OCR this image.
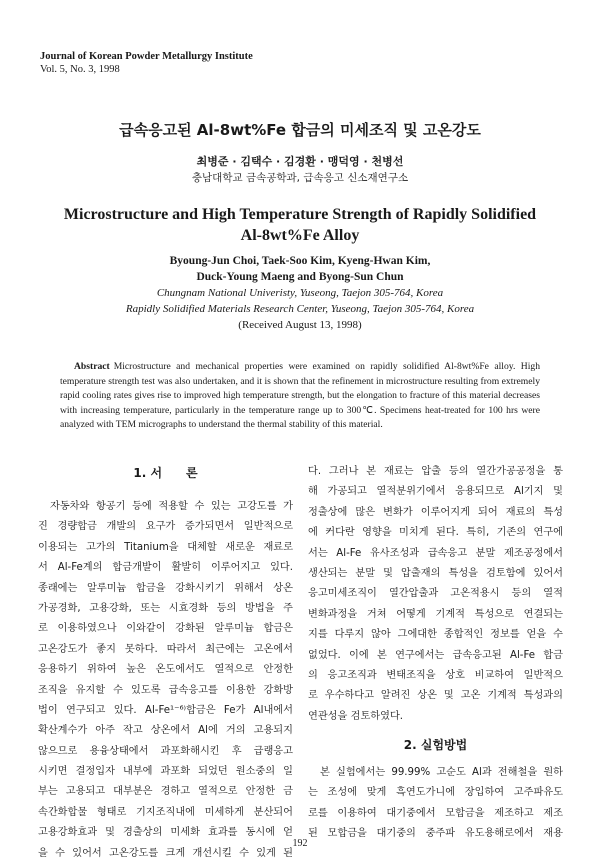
Journal of Korean Powder Metallurgy Institute
Vol. 5, No. 3, 1998
급속응고된 Al-8wt%Fe 합금의 미세조직 및 고온강도
최병준 · 김택수 · 김경환 · 맹덕영 · 천병선
충남대학교 금속공학과, 급속응고 신소재연구소
Microstructure and High Temperature Strength of Rapidly Solidified
Al-8wt%Fe Alloy
Byoung-Jun Choi, Taek-Soo Kim, Kyeng-Hwan Kim,
Duck-Young Maeng and Byong-Sun Chun
Chungnam National Univeristy, Yuseong, Taejon 305-764, Korea
Rapidly Solidified Materials Research Center, Yuseong, Taejon 305-764, Korea
(Received August 13, 1998)
Abstract Microstructure and mechanical properties were examined on rapidly solidified Al-8wt%Fe alloy. High temperature strength test was also undertaken, and it is shown that the refinement in microstructure resulting from extremely rapid cooling rates gives rise to improved high temperature strength, but the elongation to fracture of this material decreases with increasing temperature, particularly in the temperature range up to 300℃. Specimens heat-treated for 100 hrs were analyzed with TEM micrographs to understand the thermal stability of this material.
1. 서　　론
자동차와 항공기 등에 적용할 수 있는 고강도를 가
진 경량합금 개발의 요구가 증가되면서 일반적으로
이용되는 고가의 Titanium을 대체할 새로운 재료로
서 Al-Fe계의 합금개발이 활발히 이루어지고 있다.
종래에는 알루미늄 합금을 강화시키기 위해서 상온
가공경화, 고용강화, 또는 시효경화 등의 방법을 주
로 이용하였으나 이와같이 강화된 알루미늄 합금은
고온강도가 좋지 못하다. 따라서 최근에는 고온에서
응용하기 위하여 높은 온도에서도 열적으로 안정한
조직을 유지할 수 있도록 급속응고를 이용한 강화방
법이 연구되고 있다. Al-Fe¹⁻⁶⁾합금은 Fe가 Al내에서
확산계수가 아주 작고 상온에서 Al에 거의 고용되지
않으므로 용융상태에서 과포화해시킨 후 급랭응고
시키면 결정입자 내부에 과포화 되었던 원소중의 일
부는 고용되고 대부분은 경하고 열적으로 안정한 금
속간화합물 형태로 기지조직내에 미세하게 분산되어
고용강화효과 및 경출상의 미세화 효과를 동시에 얻
을 수 있어서 고온강도를 크게 개선시킬 수 있게 된
다. 그러나 본 재료는 압출 등의 열간가공공정을 통
해 가공되고 열적분위기에서 응용되므로 Al기지 및
정출상에 많은 변화가 이루어지게 되어 재료의 특성
에 커다란 영향을 미치게 된다. 특히, 기존의 연구에
서는 Al-Fe 유사조성과 급속응고 분말 제조공정에서
생산되는 분말 및 압출재의 특성을 검토함에 있어서
응고미세조직이 열간압출과 고온적용시 등의 열적
변화과정을 거쳐 어떻게 기계적 특성으로 연결되는
지를 다루지 않아 그에대한 종합적인 정보를 얻을 수
없었다. 이에 본 연구에서는 급속응고된 Al-Fe 합금
의 응고조직과 변태조직을 상호 비교하여 일반적으
로 우수하다고 알려진 상온 및 고온 기계적 특성과의
연관성을 검토하였다.
2. 실험방법
본 실험에서는 99.99% 고순도 Al과 전해철을 원하
는 조성에 맞게 흑연도가니에 장입하여 고주파유도
로를 이용하여 대기중에서 모합금을 제조하고 제조
된 모합금을 대기중의 중주파 유도용해로에서 재용
192
